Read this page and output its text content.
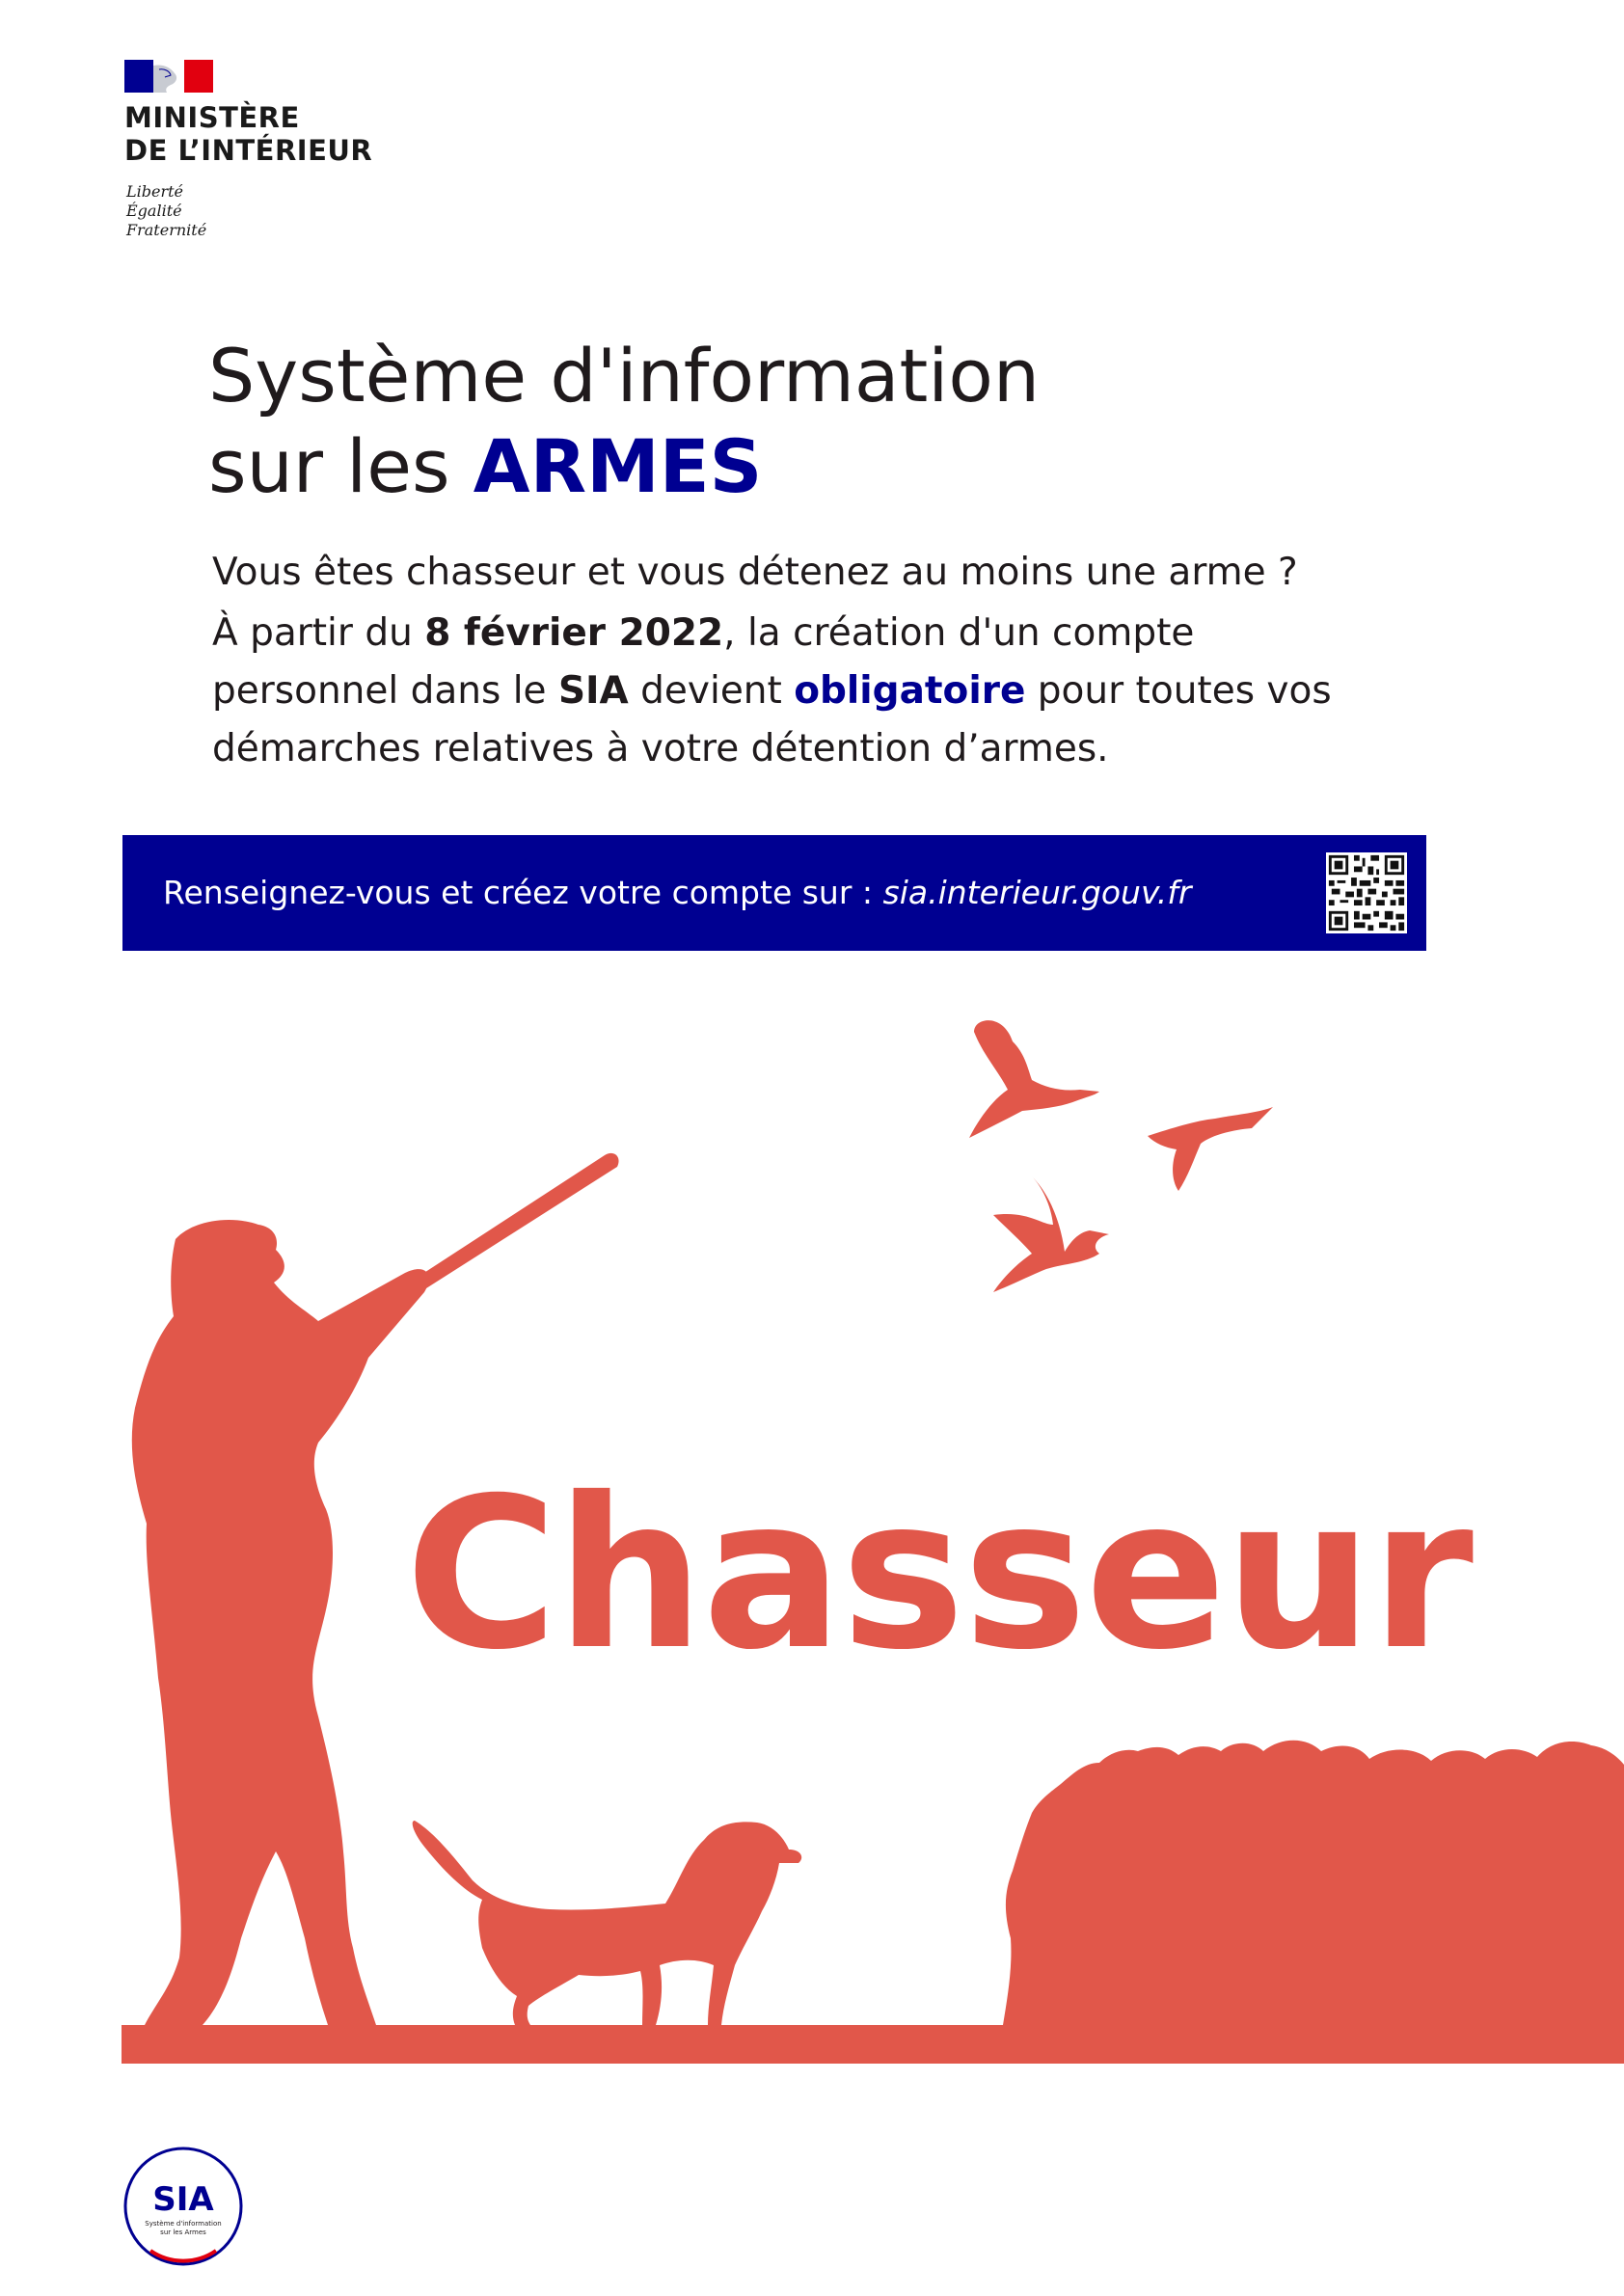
MINISTÈRE
DE L’INTÉRIEUR
Liberté
Égalité
Fraternité
Système d'information
sur les ARMES
Vous êtes chasseur et vous détenez au moins une arme ?
À partir du 8 février 2022, la création d'un compte
personnel dans le SIA devient obligatoire pour toutes vos
démarches relatives à votre détention d’armes.
Renseignez-vous et créez votre compte sur : sia.interieur.gouv.fr
Chasseur
SIA
Système d'information
sur les Armes
